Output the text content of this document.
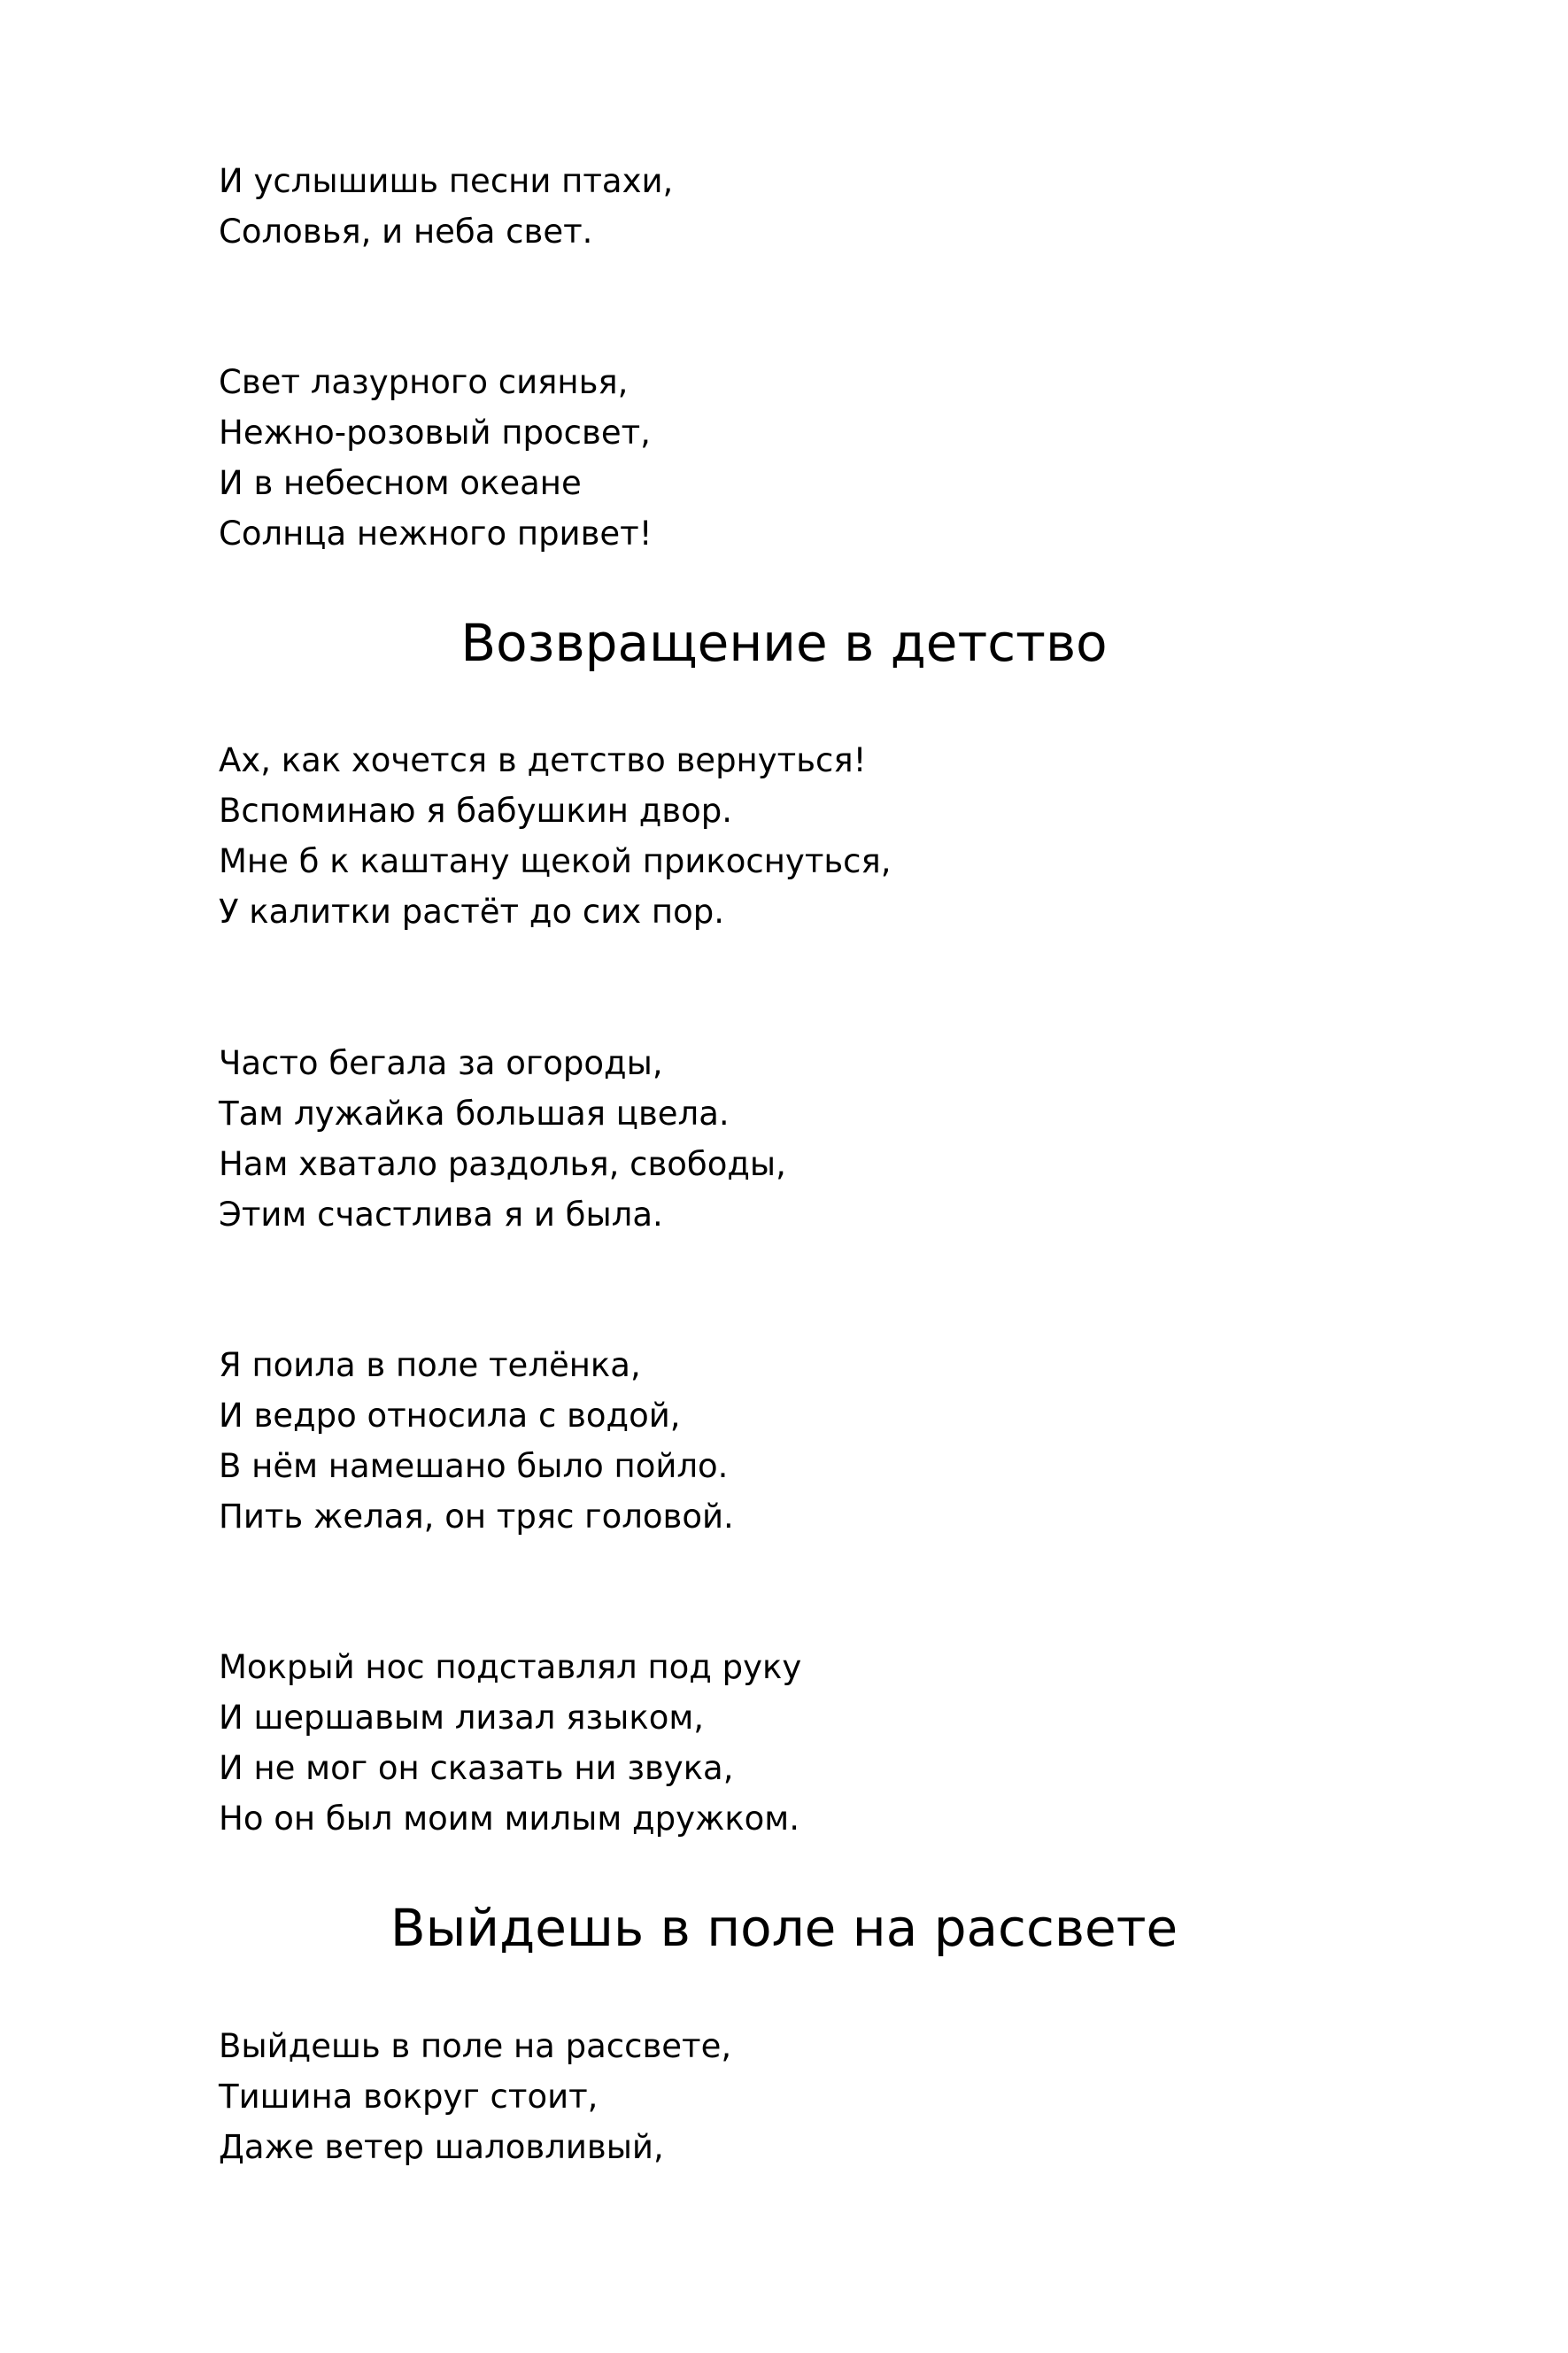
И услышишь песни птахи,
Соловья, и неба свет.
Свет лазурного сиянья,
Нежно-розовый просвет,
И в небесном океане
Солнца нежного привет!
Возвращение в детство
Ах, как хочется в детство вернуться!
Вспоминаю я бабушкин двор.
Мне б к каштану щекой прикоснуться,
У калитки растёт до сих пор.
Часто бегала за огороды,
Там лужайка большая цвела.
Нам хватало раздолья, свободы,
Этим счастлива я и была.
Я поила в поле телёнка,
И ведро относила с водой,
В нём намешано было пойло.
Пить желая, он тряс головой.
Мокрый нос подставлял под руку
И шершавым лизал языком,
И не мог он сказать ни звука,
Но он был моим милым дружком.
Выйдешь в поле на рассвете
Выйдешь в поле на рассвете,
Тишина вокруг стоит,
Даже ветер шаловливый,
